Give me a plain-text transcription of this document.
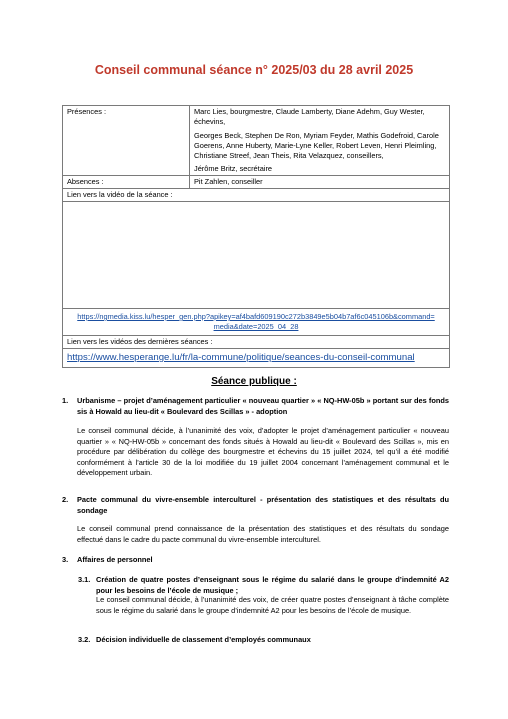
Conseil communal séance n° 2025/03 du 28 avril 2025
Présences :	Marc Lies, bourgmestre, Claude Lamberty, Diane Adehm, Guy Wester, échevins,
Georges Beck, Stephen De Ron, Myriam Feyder, Mathis Godefroid, Carole Goerens, Anne Huberty, Marie-Lyne Keller, Robert Leven, Henri Pleimling, Christiane Streef, Jean Theis, Rita Velazquez, conseillers,
Jérôme Britz, secrétaire

Absences :	Pit Zahlen, conseiller
Lien vers la vidéo de la séance :	

https://ngmedia.kiss.lu/hesper_gen.php?apikey=af4bafd609190c272b3849e5b04b7af6c045106b&command=media&date=2025_04_28	
Lien vers les vidéos des dernières séances :	
https://www.hesperange.lu/fr/la-commune/politique/seances-du-conseil-communal	
Séance publique :
1. Urbanisme – projet d’aménagement particulier « nouveau quartier » « NQ-HW-05b » portant sur des fonds sis à Howald au lieu-dit « Boulevard des Scillas » - adoption
Le conseil communal décide, à l’unanimité des voix, d’adopter le projet d’aménagement particulier « nouveau quartier » « NQ-HW-05b » concernant des fonds situés à Howald au lieu-dit « Boulevard des Scillas », mis en procédure par délibération du collège des bourgmestre et échevins du 15 juillet 2024, tel qu’il a été modifié conformément à l’article 30 de la loi modifiée du 19 juillet 2004 concernant l’aménagement communal et le développement urbain.
2. Pacte communal du vivre-ensemble interculturel - présentation des statistiques et des résultats du sondage
Le conseil communal prend connaissance de la présentation des statistiques et des résultats du sondage effectué dans le cadre du pacte communal du vivre-ensemble interculturel.
3. Affaires de personnel
3.1. Création de quatre postes d’enseignant sous le régime du salarié dans le groupe d’indemnité A2 pour les besoins de l’école de musique ;
Le conseil communal décide, à l’unanimité des voix, de créer quatre postes d’enseignant à tâche complète sous le régime du salarié dans le groupe d’indemnité A2 pour les besoins de l’école de musique.
3.2. Décision individuelle de classement d’employés communaux
